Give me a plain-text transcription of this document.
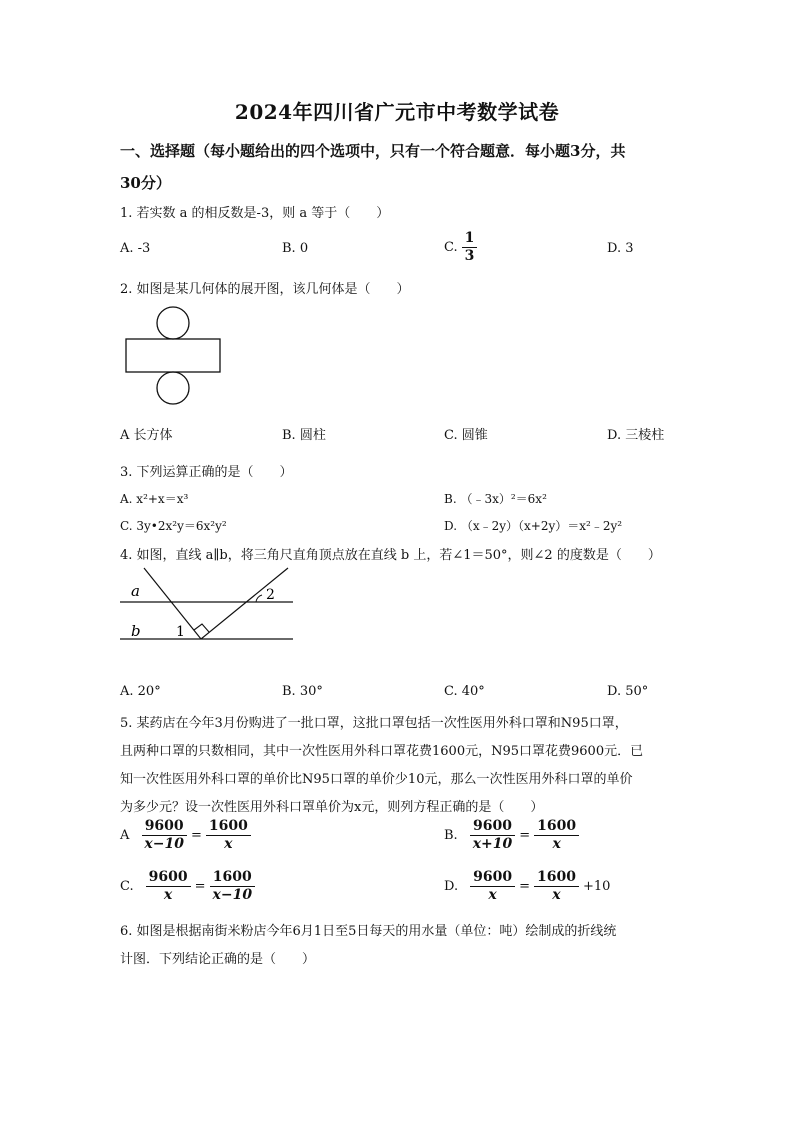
2024年四川省广元市中考数学试卷
一、选择题（每小题给出的四个选项中，只有一个符合题意．每小题3分，共
30分）
1. 若实数 a 的相反数是-3，则 a 等于（　　）
A. -3	B. 0	C. $\frac{1}{3}$	D. 3
2. 如图是某几何体的展开图，该几何体是（　　）
A 长方体	B. 圆柱	C. 圆锥	D. 三棱柱
3. 下列运算正确的是（　　）
A. x²+x＝x³	B. （﹣3x）²＝6x²
C. 3y•2x²y＝6x²y²	D. （x﹣2y）（x+2y）＝x²﹣2y²
4. 如图，直线 a∥b，将三角尺直角顶点放在直线 b 上，若∠1＝50°，则∠2 的度数是（　　）
a
b	1
2
A. 20°	B. 30°	C. 40°	D. 50°
5. 某药店在今年3月份购进了一批口罩，这批口罩包括一次性医用外科口罩和N95口罩，
且两种口罩的只数相同，其中一次性医用外科口罩花费1600元，N95口罩花费9600元．已
知一次性医用外科口罩的单价比N95口罩的单价少10元，那么一次性医用外科口罩的单价
为多少元？设一次性医用外科口罩单价为x元，则列方程正确的是（　　）
A $\frac{9600}{x-10} = \frac{1600}{x}$	B. $\frac{9600}{x+10} = \frac{1600}{x}$
C. $\frac{9600}{x} = \frac{1600}{x-10}$	D. $\frac{9600}{x} = \frac{1600}{x} +10$
6. 如图是根据南街米粉店今年6月1日至5日每天的用水量（单位：吨）绘制成的折线统
计图．下列结论正确的是（　　）
